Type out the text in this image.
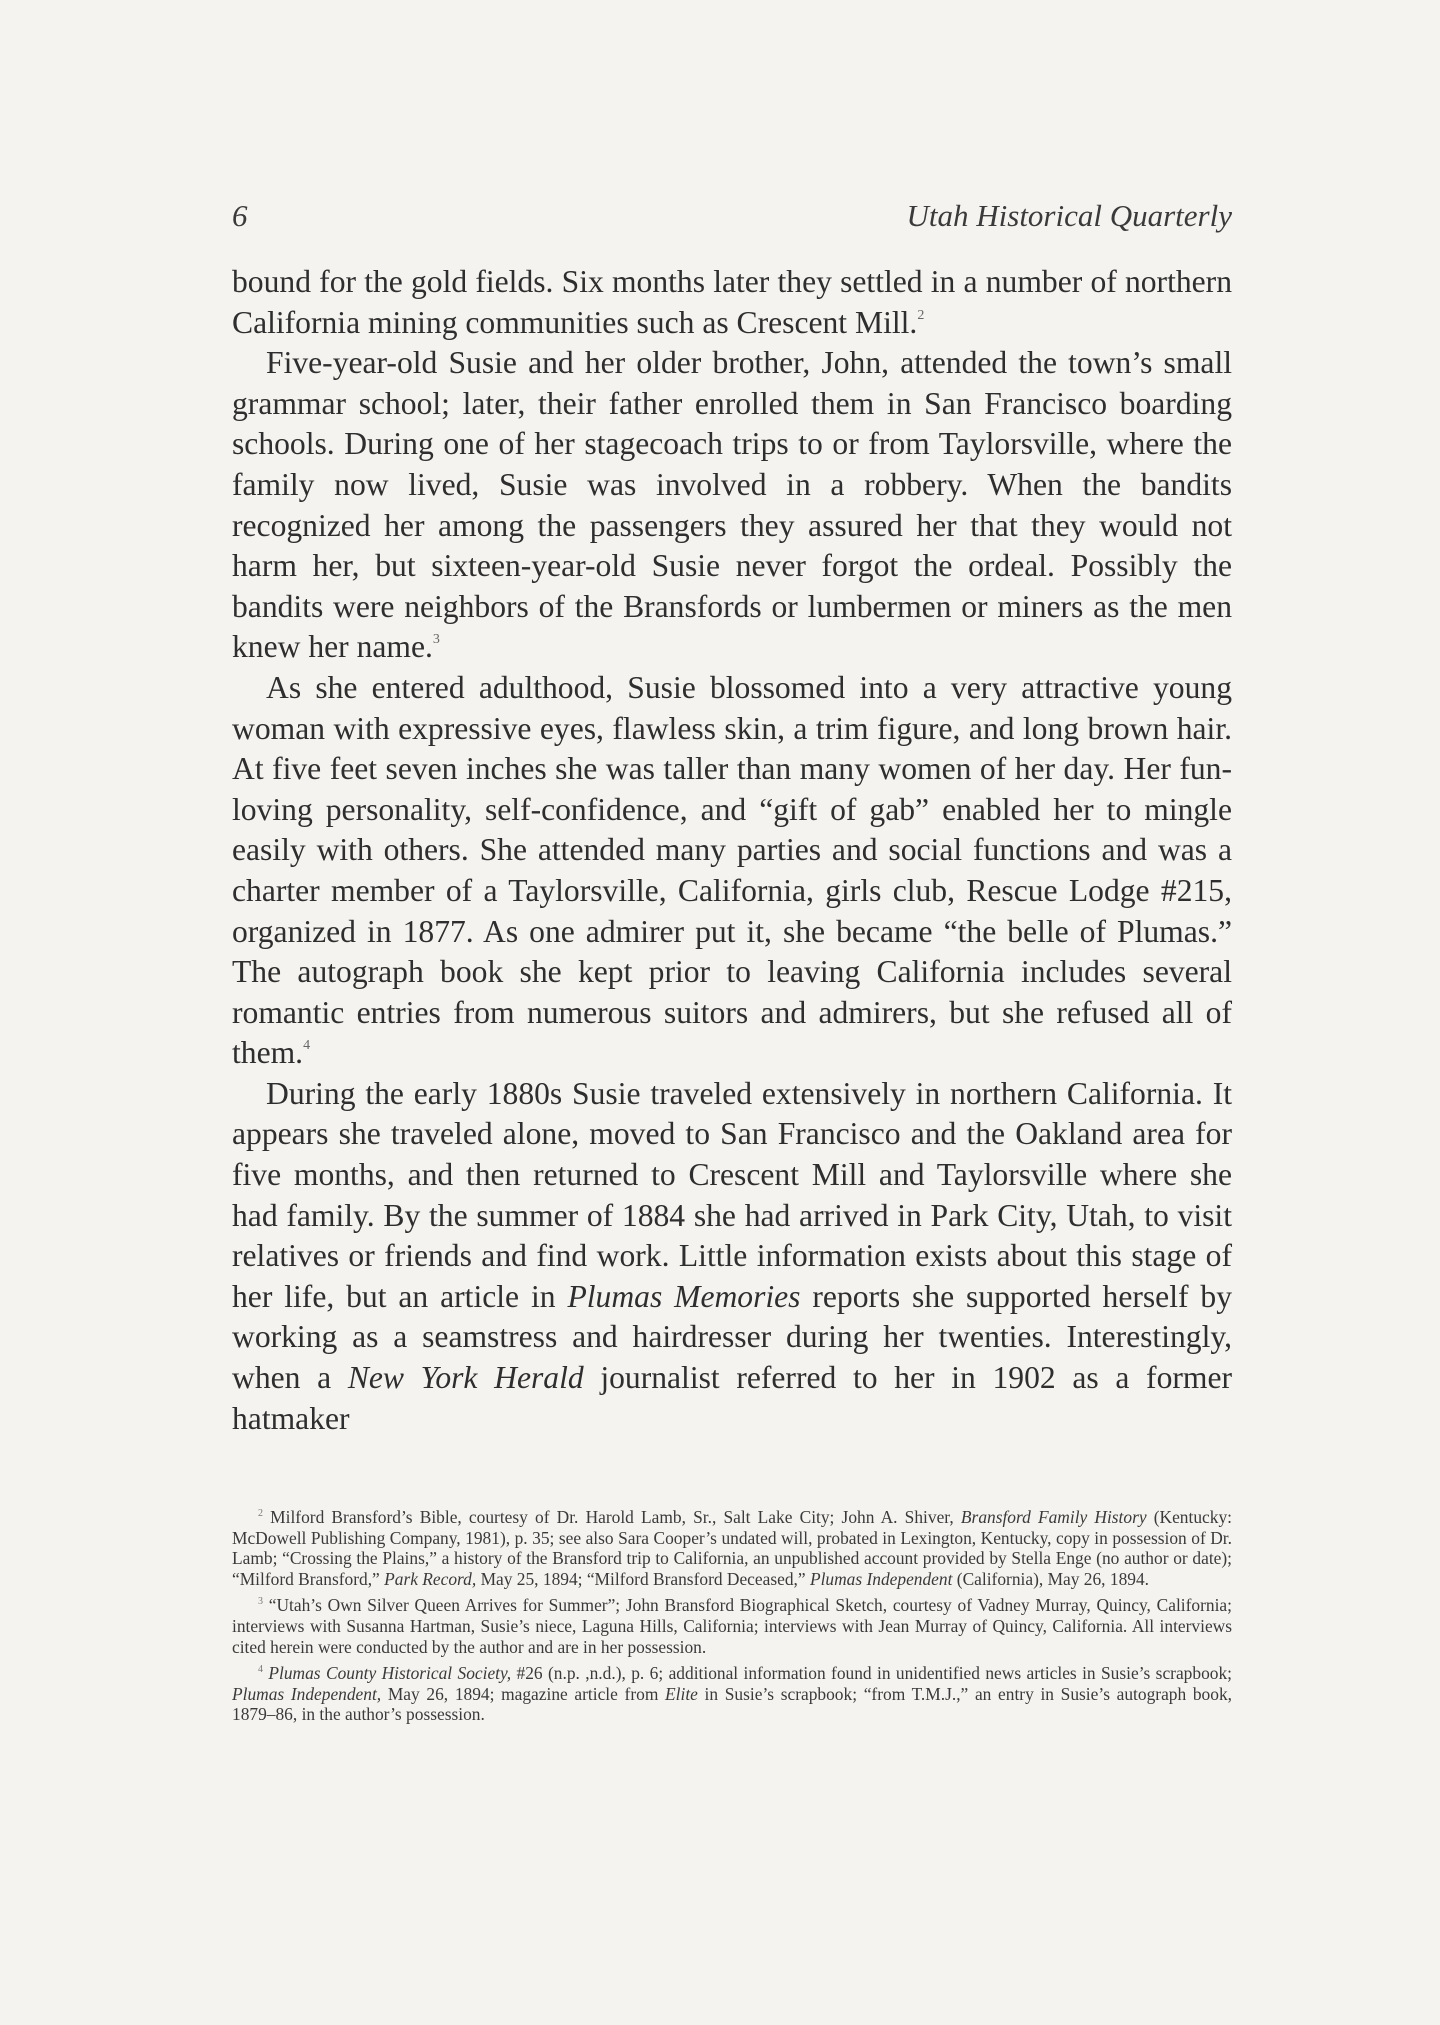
6	Utah Historical Quarterly

bound for the gold fields. Six months later they settled in a number of northern California mining communities such as Crescent Mill.$^2$

Five-year-old Susie and her older brother, John, attended the town’s small grammar school; later, their father enrolled them in San Francisco boarding schools. During one of her stagecoach trips to or from Taylorsville, where the family now lived, Susie was involved in a robbery. When the bandits recognized her among the passengers they assured her that they would not harm her, but sixteen-year-old Susie never forgot the ordeal. Possibly the bandits were neighbors of the Bransfords or lumbermen or miners as the men knew her name.$^3$

As she entered adulthood, Susie blossomed into a very attractive young woman with expressive eyes, flawless skin, a trim figure, and long brown hair. At five feet seven inches she was taller than many women of her day. Her fun-loving personality, self-confidence, and “gift of gab” enabled her to mingle easily with others. She attended many parties and social functions and was a charter member of a Taylorsville, California, girls club, Rescue Lodge #215, organized in 1877. As one admirer put it, she became “the belle of Plumas.” The autograph book she kept prior to leaving California includes several romantic entries from numerous suitors and admirers, but she refused all of them.$^4$

During the early 1880s Susie traveled extensively in northern California. It appears she traveled alone, moved to San Francisco and the Oakland area for five months, and then returned to Crescent Mill and Taylorsville where she had family. By the summer of 1884 she had arrived in Park City, Utah, to visit relatives or friends and find work. Little information exists about this stage of her life, but an article in Plumas Memories reports she supported herself by working as a seamstress and hairdresser during her twenties. Interestingly, when a New York Herald journalist referred to her in 1902 as a former hatmaker

$^2$ Milford Bransford’s Bible, courtesy of Dr. Harold Lamb, Sr., Salt Lake City; John A. Shiver, Bransford Family History (Kentucky: McDowell Publishing Company, 1981), p. 35; see also Sara Cooper’s undated will, probated in Lexington, Kentucky, copy in possession of Dr. Lamb; “Crossing the Plains,” a history of the Bransford trip to California, an unpublished account provided by Stella Enge (no author or date); “Milford Bransford,” Park Record, May 25, 1894; “Milford Bransford Deceased,” Plumas Independent (California), May 26, 1894.

$^3$ “Utah’s Own Silver Queen Arrives for Summer”; John Bransford Biographical Sketch, courtesy of Vadney Murray, Quincy, California; interviews with Susanna Hartman, Susie’s niece, Laguna Hills, California; interviews with Jean Murray of Quincy, California. All interviews cited herein were conducted by the author and are in her possession.

$^4$ Plumas County Historical Society, #26 (n.p. ,n.d.), p. 6; additional information found in unidentified news articles in Susie’s scrapbook; Plumas Independent, May 26, 1894; magazine article from Elite in Susie’s scrapbook; “from T.M.J.,” an entry in Susie’s autograph book, 1879–86, in the author’s possession.
